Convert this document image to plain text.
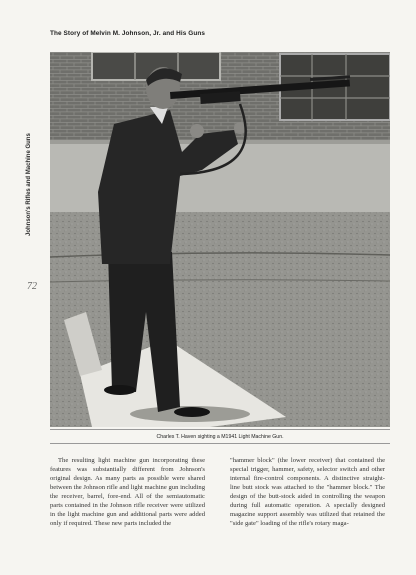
The Story of Melvin M. Johnson, Jr. and His Guns
Johnson's Rifles and Machine Guns
72
Charles T. Haven sighting a M1941 Light Machine Gun.

The resulting light machine gun incorporating these features was substantially different from Johnson's original design. As many parts as possible were shared between the Johnson rifle and light machine gun including the receiver, barrel, fore-end. All of the semiautomatic parts contained in the Johnson rifle receiver were utilized in the light machine gun and additional parts were added only if required. These new parts included the

"hammer block" (the lower receiver) that contained the special trigger, hammer, safety, selector switch and other internal fire-control components. A distinctive straight-line butt stock was attached to the "hammer block." The design of the butt-stock aided in controlling the weapon during full automatic operation. A specially designed magazine support assembly was utilized that retained the "side gate" loading of the rifle's rotary maga-
